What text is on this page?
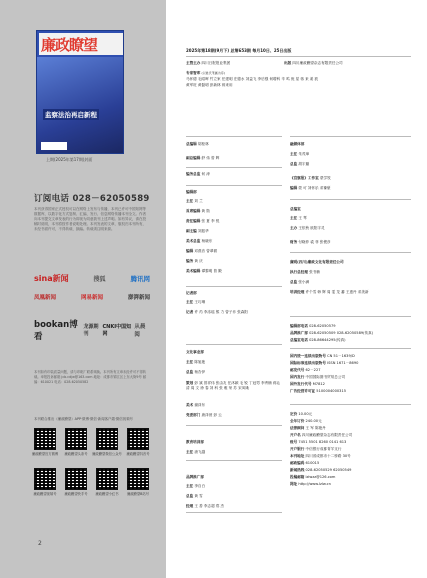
廉政瞭望
监察法治再启新程
上期(2025年第17期)封面
订阅电话 028－62050589
本刊获得国家正式授权可以在网络上发布与传播，本刊已许可中国知网等数据库，以数字化方式复制、汇编、发行、信息网络传播本刊全文。作者向本刊提交文章发表的行为即视为同意我刊上述声明。如有异议，请在投稿时说明，本刊将按作者说明处理。本刊发表的文章，版权归本刊所有，未经书面许可，不得转载、摘编。转载须注明来源。
sina新闻	搜狐	腾讯网
凤凰新闻	网易新闻	澎湃新闻
bookan博看
龙源期刊
CNKI中国知网
从晨阅
本刊如有印装质量问题，请与印刷厂联系调换。本刊所有文章未经许可不得转载。举报投诉邮箱 jcb.cdjw@163.com 地址：成都市锦江区上东大街9号 邮编：610021 电话：028-62050582
本刊联合推出《廉政瞭望》APP·微博·微信·新闻客户端·微信视频号
廉政瞭望官方微博	廉政瞭望头条号	廉政瞭望微信公众号	廉政瞭望抖音号
廉政瞭望视频号	廉政瞭望快手号	廉政瞭望小红书	廉政瞭望B站号
2
2025年第18期(9月下) 总第653期 每月10日、25日出版
主管主办 四川日报报业集团	出版 四川廉政瞭望杂志有限责任公司
专家智库 (以姓氏笔画为序)
马怀德 毛昭晖 竹立家 任建明 庄德水 刘益飞 李后强 何增科 辛 鸣 倪 星 蒋 来 姜 波
黄军旺 黄磊明 彭新林 蒋来用
总编辑 胡栓林
副总编辑 舒 伟 曾 辉
编务总监 何 涛
编辑部
主任 刘 兰
首席编辑 黄 勋
责任编辑 张 夏 李 悦
副主编 刘振华
美术总监 杨晓东
编辑 邓燕音 曾翠微
编务 黄 庆
美术编辑 谭黎明 曾 殿
记者部
主任 王巧琳
记者 许 芮 李冻瑶 熊 力 曾子乔 张森阳
文化事业部
主任 陈旭艳
总监 杨杏伊
策划 彭 斌 曾祥伟 张由友 任沐颖 毛 锐 丁冠男 李秀楠 蒋沁清 周 文 徐 春 刘 科 张 雅 荣 苏 宋凤娥
美术 谢泽东
党委部门 唐泽萱 彭 云
教育培训部
主任 唐飞越
品牌推广部
主任 李自白
总监 黄 雪
经理 王 善 李志超 郑 杰
融媒体部
主任 朱茂璋
总监 胡宇璐
《官察报》工作室 蒙学牧
编辑 蒙 可 刘怀乐 邓豫豪
总编室
主任 王 琴
主办 王依秋 欧阳宇灵
财务 付晓菲 裘 菲 张俊彦
廉明(四川)廉政文化有限责任公司
执行总经理 张书楠
总监 张小满
培训经理 许个雪 韩 辉 周 雯 龙 蕃 王惠丹 邓美新
编辑部电话 028-62050579
品牌推广部 028-62050509 028-62050589(传真)
总编室电话 028-86644295(传真)
国内统一连续出版物号 CN 51－1639/D
国际标准连续出版物号 ISSN 1671－8690
邮发代号 62－227
国内发行 中国国际图书贸易总公司
国外发行代号 M7812
广告经营许可证 5100004000315
定价 10.00元
全年订价 240.00元
法律顾问 王 军 陈艳丹
开户名 四川廉政瞭望杂志有限责任公司
账号 7451 5501 8260 0141 613
开户银行 中信银行成都青羊支行
本刊地址 四川省成都市十二桥路 30号
邮政编码 610015
新闻热线 028-62050529 62050549
投稿邮箱 lzlwzz@126.com
网址 http://www.lzlw.cn
